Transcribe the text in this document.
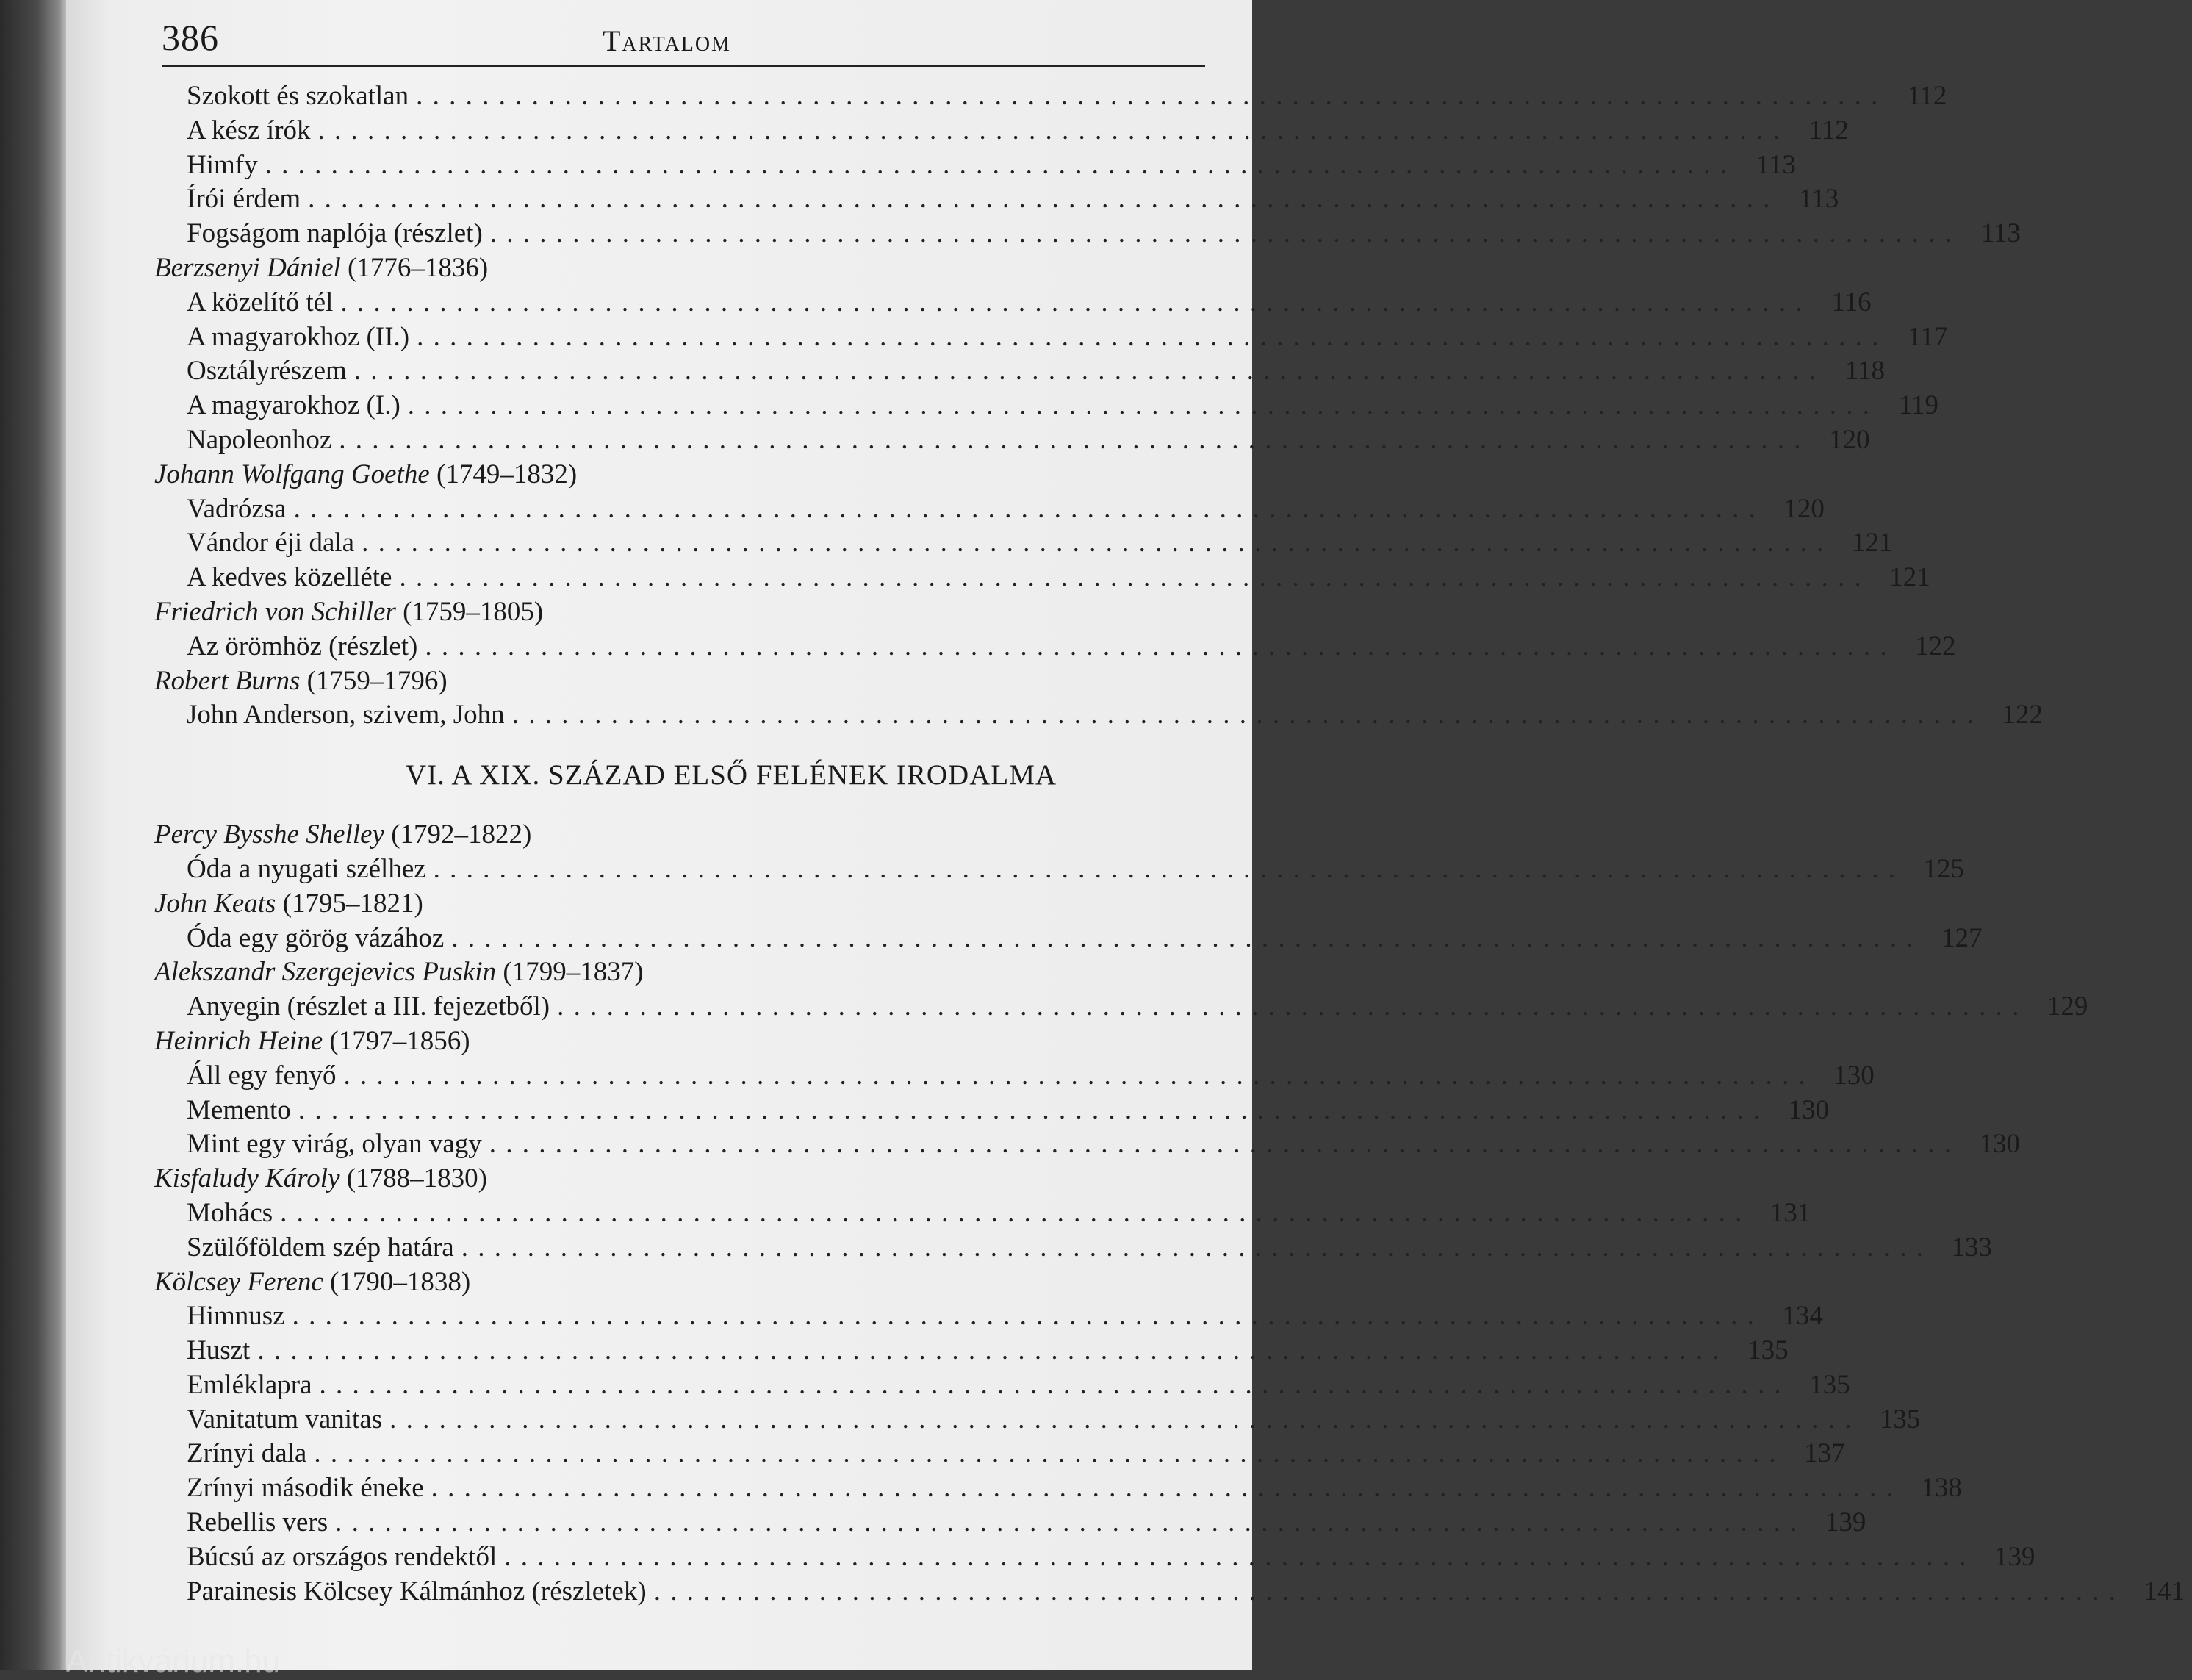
386	Tartalom
Szokott és szokatlan . . .	112
A kész írók . . .	112
Himfy . . .	113
Írói érdem . . .	113
Fogságom naplója (részlet) . . .	113
Berzsenyi Dániel (1776–1836)
A közelítő tél . . .	116
A magyarokhoz (II.) . . .	117
Osztályrészem . . .	118
A magyarokhoz (I.) . . .	119
Napoleonhoz . . .	120
Johann Wolfgang Goethe (1749–1832)
Vadrózsa . . .	120
Vándor éji dala . . .	121
A kedves közelléte . . .	121
Friedrich von Schiller (1759–1805)
Az örömhöz (részlet) . . .	122
Robert Burns (1759–1796)
John Anderson, szivem, John . . .	122
VI. A XIX. SZÁZAD ELSŐ FELÉNEK IRODALMA
Percy Bysshe Shelley (1792–1822)
Óda a nyugati szélhez . . .	125
John Keats (1795–1821)
Óda egy görög vázához . . .	127
Alekszandr Szergejevics Puskin (1799–1837)
Anyegin (részlet a III. fejezetből) . . .	129
Heinrich Heine (1797–1856)
Áll egy fenyő . . .	130
Memento . . .	130
Mint egy virág, olyan vagy . . .	130
Kisfaludy Károly (1788–1830)
Mohács . . .	131
Szülőföldem szép határa . . .	133
Kölcsey Ferenc (1790–1838)
Himnusz . . .	134
Huszt . . .	135
Emléklapra . . .	135
Vanitatum vanitas . . .	135
Zrínyi dala . . .	137
Zrínyi második éneke . . .	138
Rebellis vers . . .	139
Búcsú az országos rendektől . . .	139
Parainesis Kölcsey Kálmánhoz (részletek) . . .	141
Antikvárium.hu
